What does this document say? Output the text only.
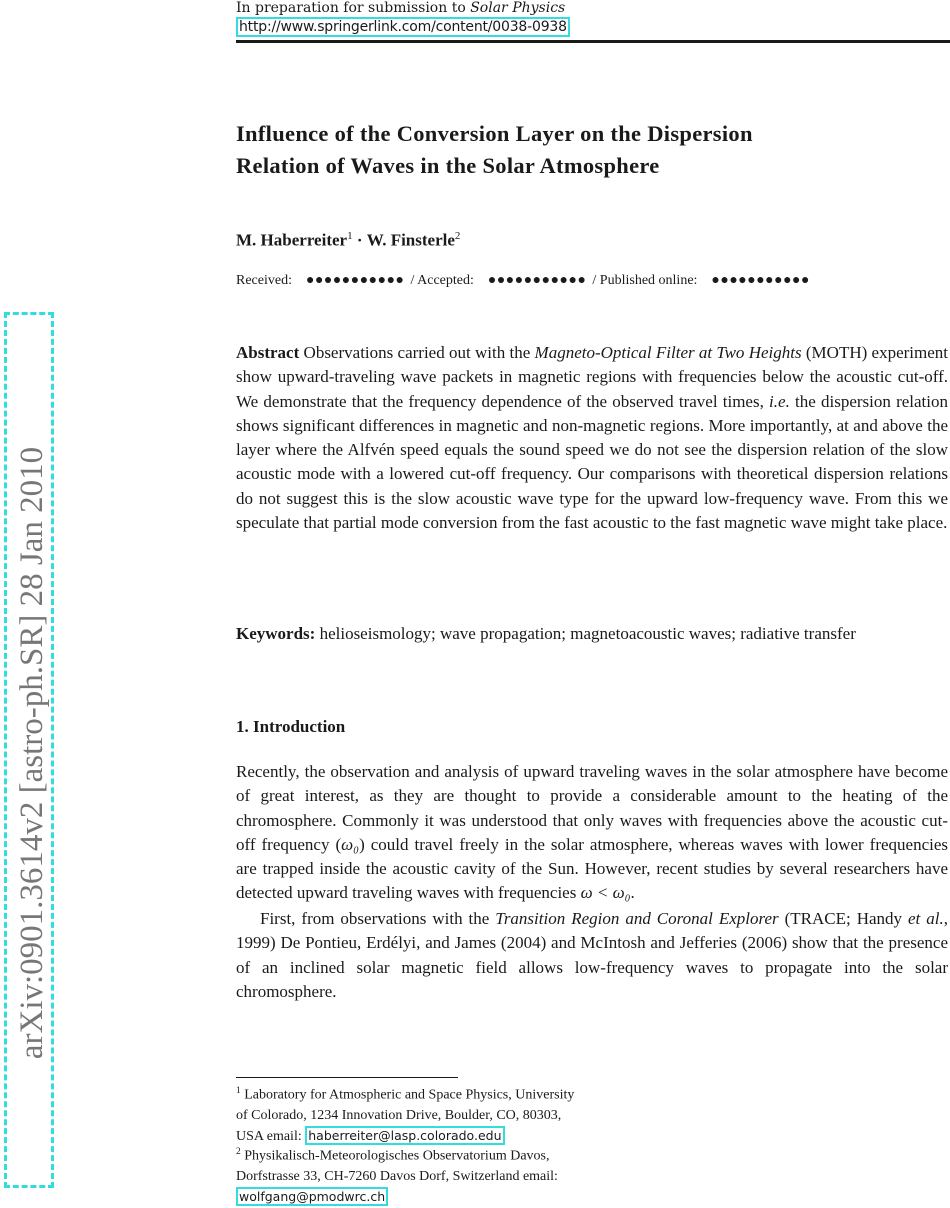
In preparation for submission to Solar Physics
http://www.springerlink.com/content/0038-0938
arXiv:0901.3614v2 [astro-ph.SR] 28 Jan 2010
Influence of the Conversion Layer on the Dispersion
Relation of Waves in the Solar Atmosphere
M. Haberreiter$^1$ · W. Finsterle$^2$
Received: ●●●●●●●●●●● / Accepted: ●●●●●●●●●●● / Published online: ●●●●●●●●●●●
Abstract Observations carried out with the Magneto-Optical Filter at Two Heights (MOTH) experiment show upward-traveling wave packets in magnetic regions with frequencies below the acoustic cut-off. We demonstrate that the frequency dependence of the observed travel times, i.e. the dispersion relation shows significant differences in magnetic and non-magnetic regions. More importantly, at and above the layer where the Alfvén speed equals the sound speed we do not see the dispersion relation of the slow acoustic mode with a lowered cut-off frequency. Our comparisons with theoretical dispersion relations do not suggest this is the slow acoustic wave type for the upward low-frequency wave. From this we speculate that partial mode conversion from the fast acoustic to the fast magnetic wave might take place.
Keywords: helioseismology; wave propagation; magnetoacoustic waves; radiative transfer
1. Introduction
Recently, the observation and analysis of upward traveling waves in the solar atmosphere have become of great interest, as they are thought to provide a considerable amount to the heating of the chromosphere. Commonly it was understood that only waves with frequencies above the acoustic cut-off frequency (ω₀) could travel freely in the solar atmosphere, whereas waves with lower frequencies are trapped inside the acoustic cavity of the Sun. However, recent studies by several researchers have detected upward traveling waves with frequencies ω < ω₀.
First, from observations with the Transition Region and Coronal Explorer (TRACE; Handy et al., 1999) De Pontieu, Erdélyi, and James (2004) and McIntosh and Jefferies (2006) show that the presence of an inclined solar magnetic field allows low-frequency waves to propagate into the solar chromosphere.
$^1$ Laboratory for Atmospheric and Space Physics, University
of Colorado, 1234 Innovation Drive, Boulder, CO, 80303,
USA email: haberreiter@lasp.colorado.edu
$^2$ Physikalisch-Meteorologisches Observatorium Davos,
Dorfstrasse 33, CH-7260 Davos Dorf, Switzerland email:
wolfgang@pmodwrc.ch
